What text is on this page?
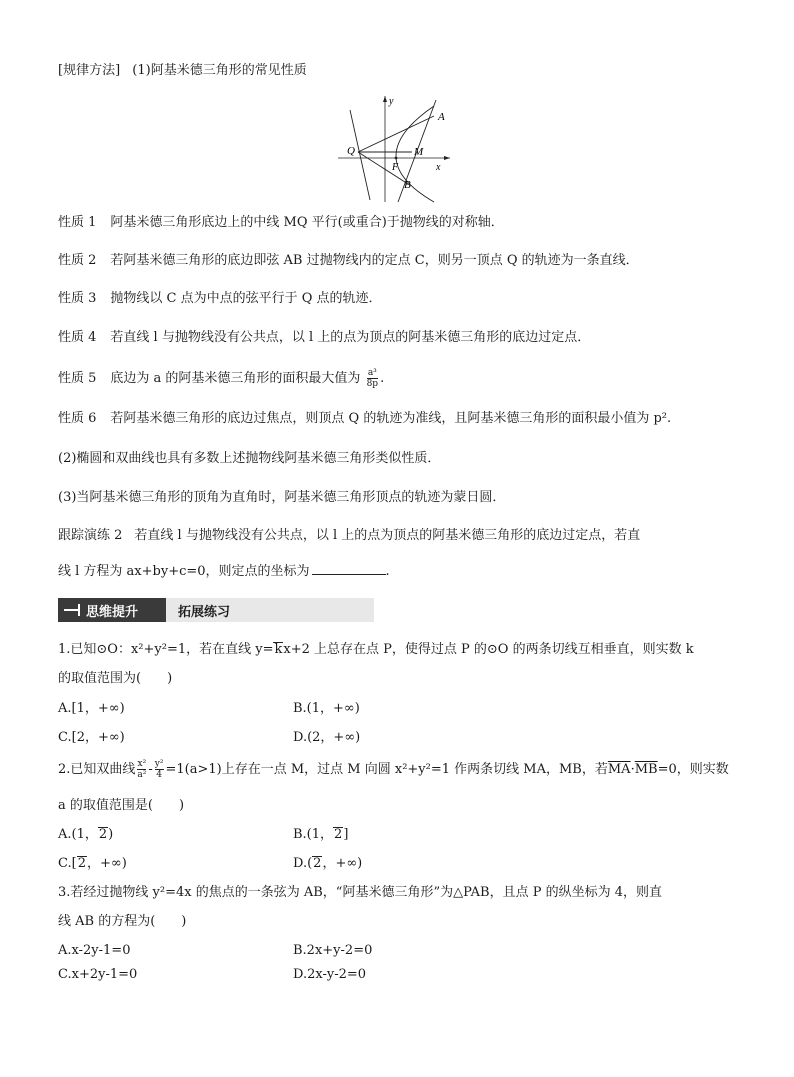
[规律方法] (1)阿基米德三角形的常见性质
A
B
Q	M
F	x
y
性质 1 阿基米德三角形底边上的中线 MQ 平行(或重合)于抛物线的对称轴．
性质 2 若阿基米德三角形的底边即弦 AB 过抛物线内的定点 C，则另一顶点 Q 的轨迹为一条直线．
性质 3 抛物线以 C 点为中点的弦平行于 Q 点的轨迹．
性质 4 若直线 l 与抛物线没有公共点，以 l 上的点为顶点的阿基米德三角形的底边过定点．
性质 5 底边为 a 的阿基米德三角形的面积最大值为 $\frac{\text{a³}}{8p}$ .
性质 6 若阿基米德三角形的底边过焦点，则顶点 Q 的轨迹为准线，且阿基米德三角形的面积最小值为 p².
(2)椭圆和双曲线也具有多数上述抛物线阿基米德三角形类似性质．
(3)当阿基米德三角形的顶角为直角时，阿基米德三角形顶点的轨迹为蒙日圆．
跟踪演练 2 若直线 l 与抛物线没有公共点，以 l 上的点为顶点的阿基米德三角形的底边过定点，若直
线 l 方程为 ax+by+c=0，则定点的坐标为	.
思维提升	拓展练习
1.已知⊙O：x²+y²=1，若在直线 y=kx+2 上总存在点 P，使得过点 P 的⊙O 的两条切线互相垂直，则实数 k
的取值范围为(　　)
A.[1，+∞)	B.(1，+∞)
C.[2，+∞)	D.(2，+∞)
2.已知双曲线 $\frac{\text{x²}}{\text{a²}} - \frac{\text{y²}}{4} =1(a>1)$上存在一点 M，过点 M 向圆 x²+y²=1 作两条切线 MA，MB，若$\overline{MA}\cdot\overline{MB}=0$，则实数
a 的取值范围是(　　)
A.(1，2)	B.(1，2]
C.[2，+∞)	D.(2，+∞)
3.若经过抛物线 y²=4x 的焦点的一条弦为 AB，“阿基米德三角形”为△PAB，且点 P 的纵坐标为 4，则直
线 AB 的方程为(　　)
A.x-2y-1=0	B.2x+y-2=0
C.x+2y-1=0	D.2x-y-2=0
